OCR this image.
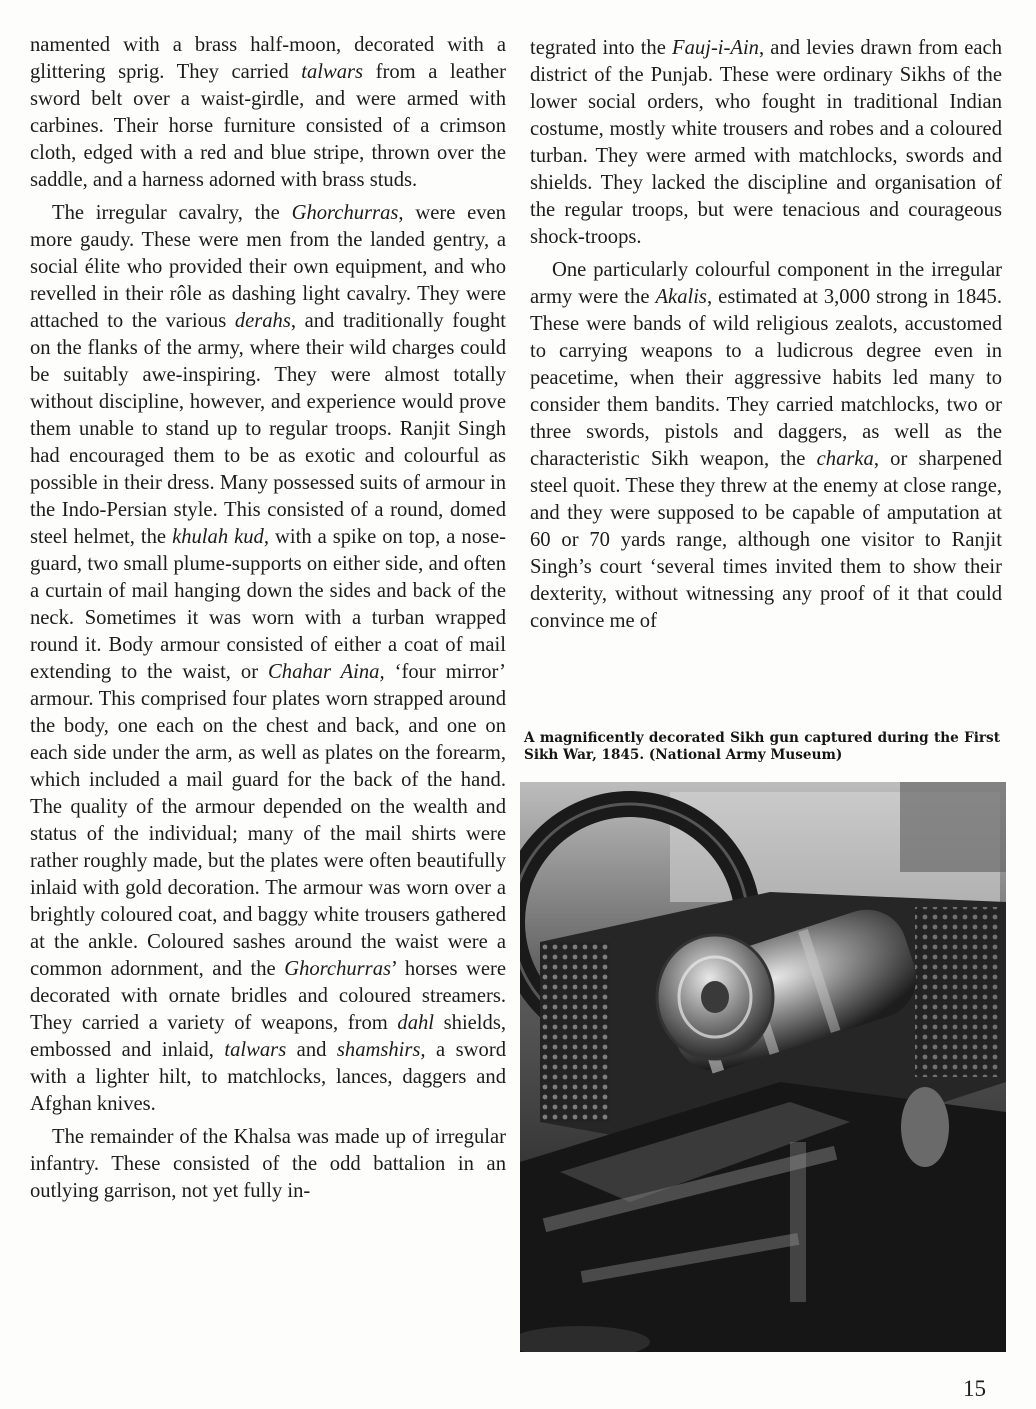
namented with a brass half-moon, decorated with a glittering sprig. They carried talwars from a leather sword belt over a waist-girdle, and were armed with carbines. Their horse furniture consisted of a crimson cloth, edged with a red and blue stripe, thrown over the saddle, and a harness adorned with brass studs.

The irregular cavalry, the Ghorchurras, were even more gaudy. These were men from the landed gentry, a social élite who provided their own equipment, and who revelled in their rôle as dashing light cavalry. They were attached to the various derahs, and traditionally fought on the flanks of the army, where their wild charges could be suitably awe-inspiring. They were almost totally without discipline, however, and experience would prove them unable to stand up to regular troops. Ranjit Singh had encouraged them to be as exotic and colourful as possible in their dress. Many possessed suits of armour in the Indo-Persian style. This consisted of a round, domed steel helmet, the khulah kud, with a spike on top, a nose-guard, two small plume-supports on either side, and often a curtain of mail hanging down the sides and back of the neck. Sometimes it was worn with a turban wrapped round it. Body armour consisted of either a coat of mail extending to the waist, or Chahar Aina, ‘four mirror’ armour. This comprised four plates worn strapped around the body, one each on the chest and back, and one on each side under the arm, as well as plates on the forearm, which included a mail guard for the back of the hand. The quality of the armour depended on the wealth and status of the individual; many of the mail shirts were rather roughly made, but the plates were often beautifully inlaid with gold decoration. The armour was worn over a brightly coloured coat, and baggy white trousers gathered at the ankle. Coloured sashes around the waist were a common adornment, and the Ghorchurras’ horses were decorated with ornate bridles and coloured streamers. They carried a variety of weapons, from dahl shields, embossed and inlaid, talwars and shamshirs, a sword with a lighter hilt, to matchlocks, lances, daggers and Afghan knives.

The remainder of the Khalsa was made up of irregular infantry. These consisted of the odd battalion in an outlying garrison, not yet fully in-

tegrated into the Fauj-i-Ain, and levies drawn from each district of the Punjab. These were ordinary Sikhs of the lower social orders, who fought in traditional Indian costume, mostly white trousers and robes and a coloured turban. They were armed with matchlocks, swords and shields. They lacked the discipline and organisation of the regular troops, but were tenacious and courageous shock-troops.

One particularly colourful component in the irregular army were the Akalis, estimated at 3,000 strong in 1845. These were bands of wild religious zealots, accustomed to carrying weapons to a ludicrous degree even in peacetime, when their aggressive habits led many to consider them bandits. They carried matchlocks, two or three swords, pistols and daggers, as well as the characteristic Sikh weapon, the charka, or sharpened steel quoit. These they threw at the enemy at close range, and they were supposed to be capable of amputation at 60 or 70 yards range, although one visitor to Ranjit Singh’s court ‘several times invited them to show their dexterity, without witnessing any proof of it that could convince me of

A magnificently decorated Sikh gun captured during the First Sikh War, 1845. (National Army Museum)
15
